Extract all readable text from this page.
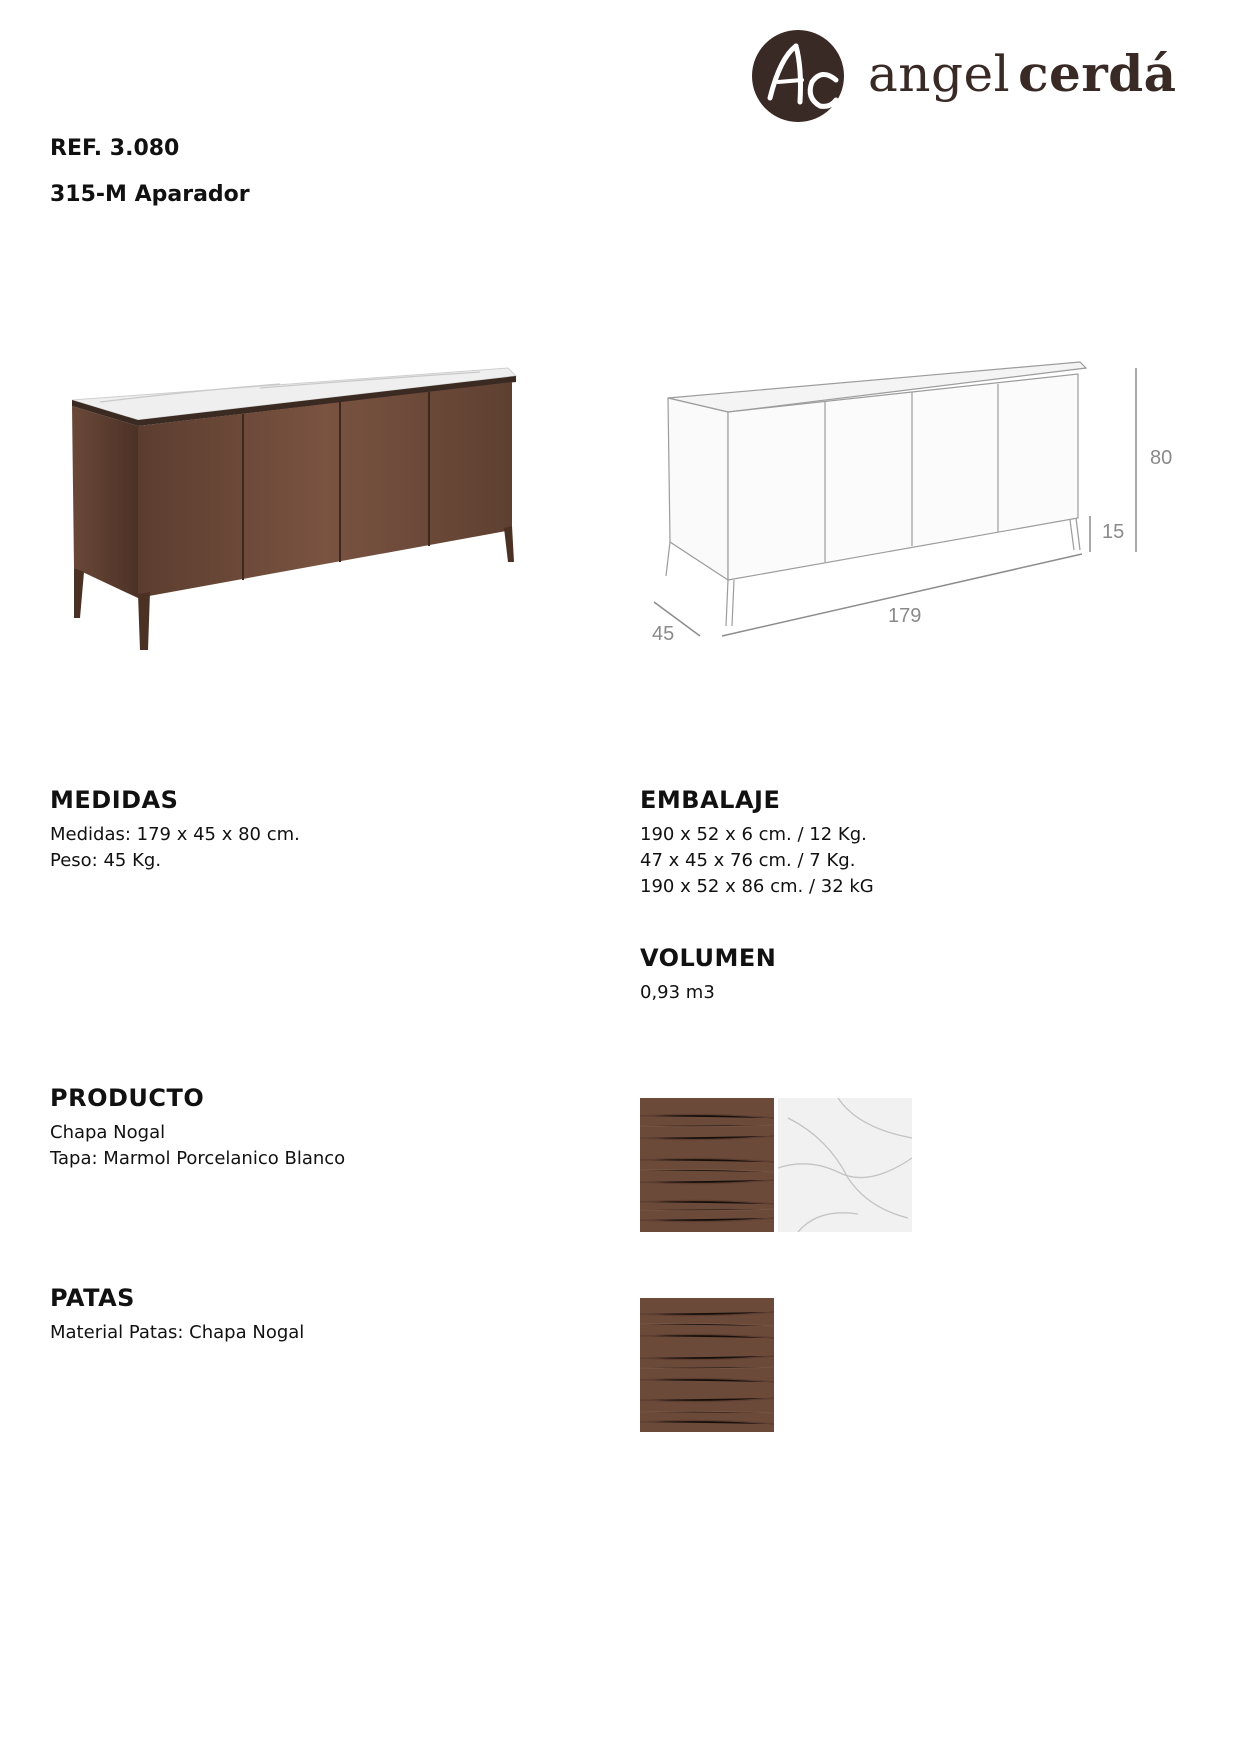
angel cerdá
REF. 3.080
315-M Aparador
80
15
179
45
MEDIDAS
Medidas: 179 x 45 x 80 cm.
Peso: 45 Kg.
EMBALAJE
190 x 52 x 6 cm. / 12 Kg.
47 x 45 x 76 cm. / 7 Kg.
190 x 52 x 86 cm. / 32 kG
VOLUMEN
0,93 m3
PRODUCTO
Chapa Nogal
Tapa: Marmol Porcelanico Blanco
PATAS
Material Patas: Chapa Nogal
